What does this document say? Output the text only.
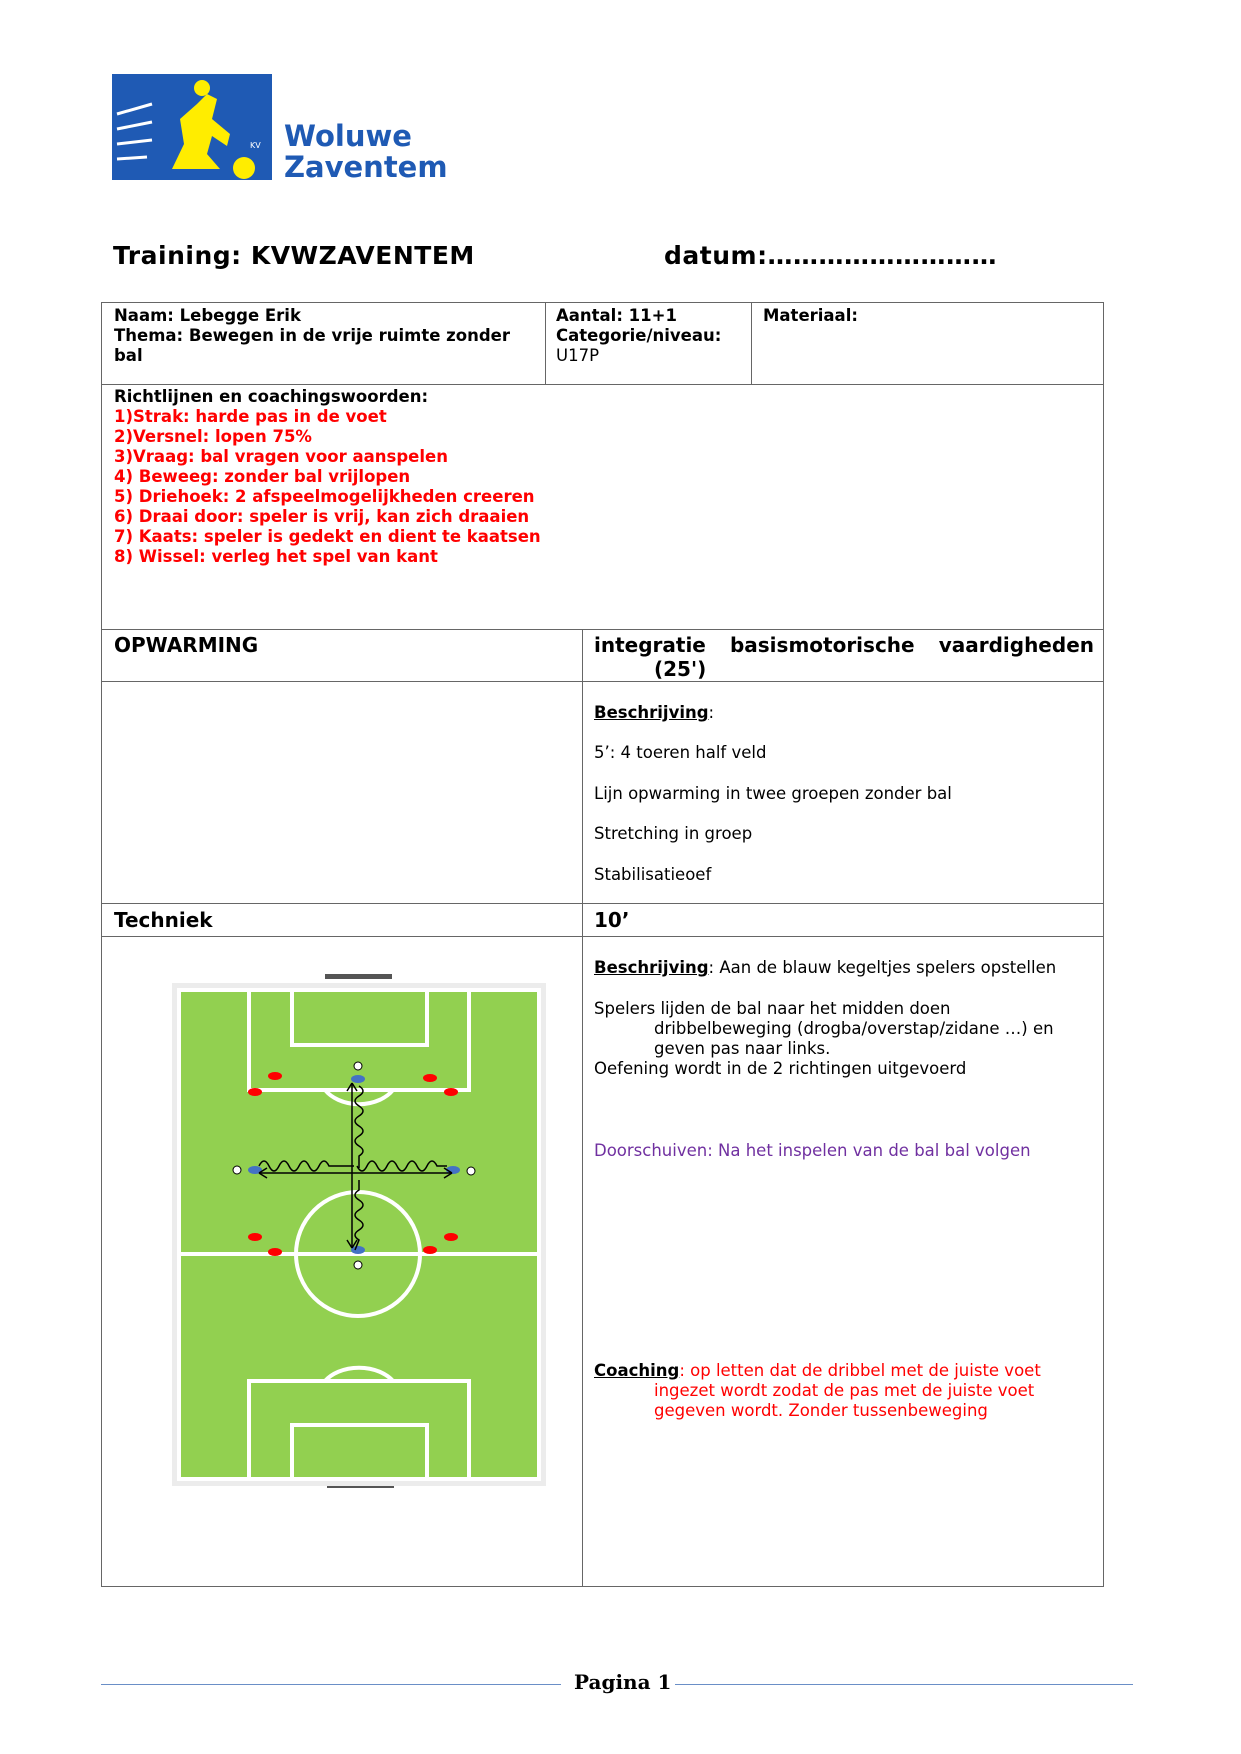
KV Woluwe
Zaventem
Training: KVWZAVENTEM	datum:………………………
Naam: Lebegge Erik
Thema: Bewegen in de vrije ruimte zonder bal
Aantal: 11+1
Categorie/niveau:
U17P
Materiaal:
Richtlijnen en coachingswoorden:
1)Strak: harde pas in de voet
2)Versnel: lopen 75%
3)Vraag: bal vragen voor aanspelen
4) Beweeg: zonder bal vrijlopen
5) Driehoek: 2 afspeelmogelijkheden creeren
6) Draai door: speler is vrij, kan zich draaien
7) Kaats: speler is gedekt en dient te kaatsen
8) Wissel: verleg het spel van kant
OPWARMING	integratie basismotorische vaardigheden
(25')

Beschrijving:

5’: 4 toeren half veld

Lijn opwarming in twee groepen zonder bal

Stretching in groep

Stabilisatieoef

Techniek	10’

Beschrijving: Aan de blauw kegeltjes spelers opstellen

Spelers lijden de bal naar het midden doen

dribbelbeweging (drogba/overstap/zidane …) en

geven pas naar links.

Oefening wordt in de 2 richtingen uitgevoerd

Doorschuiven: Na het inspelen van de bal bal volgen

Coaching: op letten dat de dribbel met de juiste voet

ingezet wordt zodat de pas met de juiste voet

gegeven wordt. Zonder tussenbeweging

Pagina 1
